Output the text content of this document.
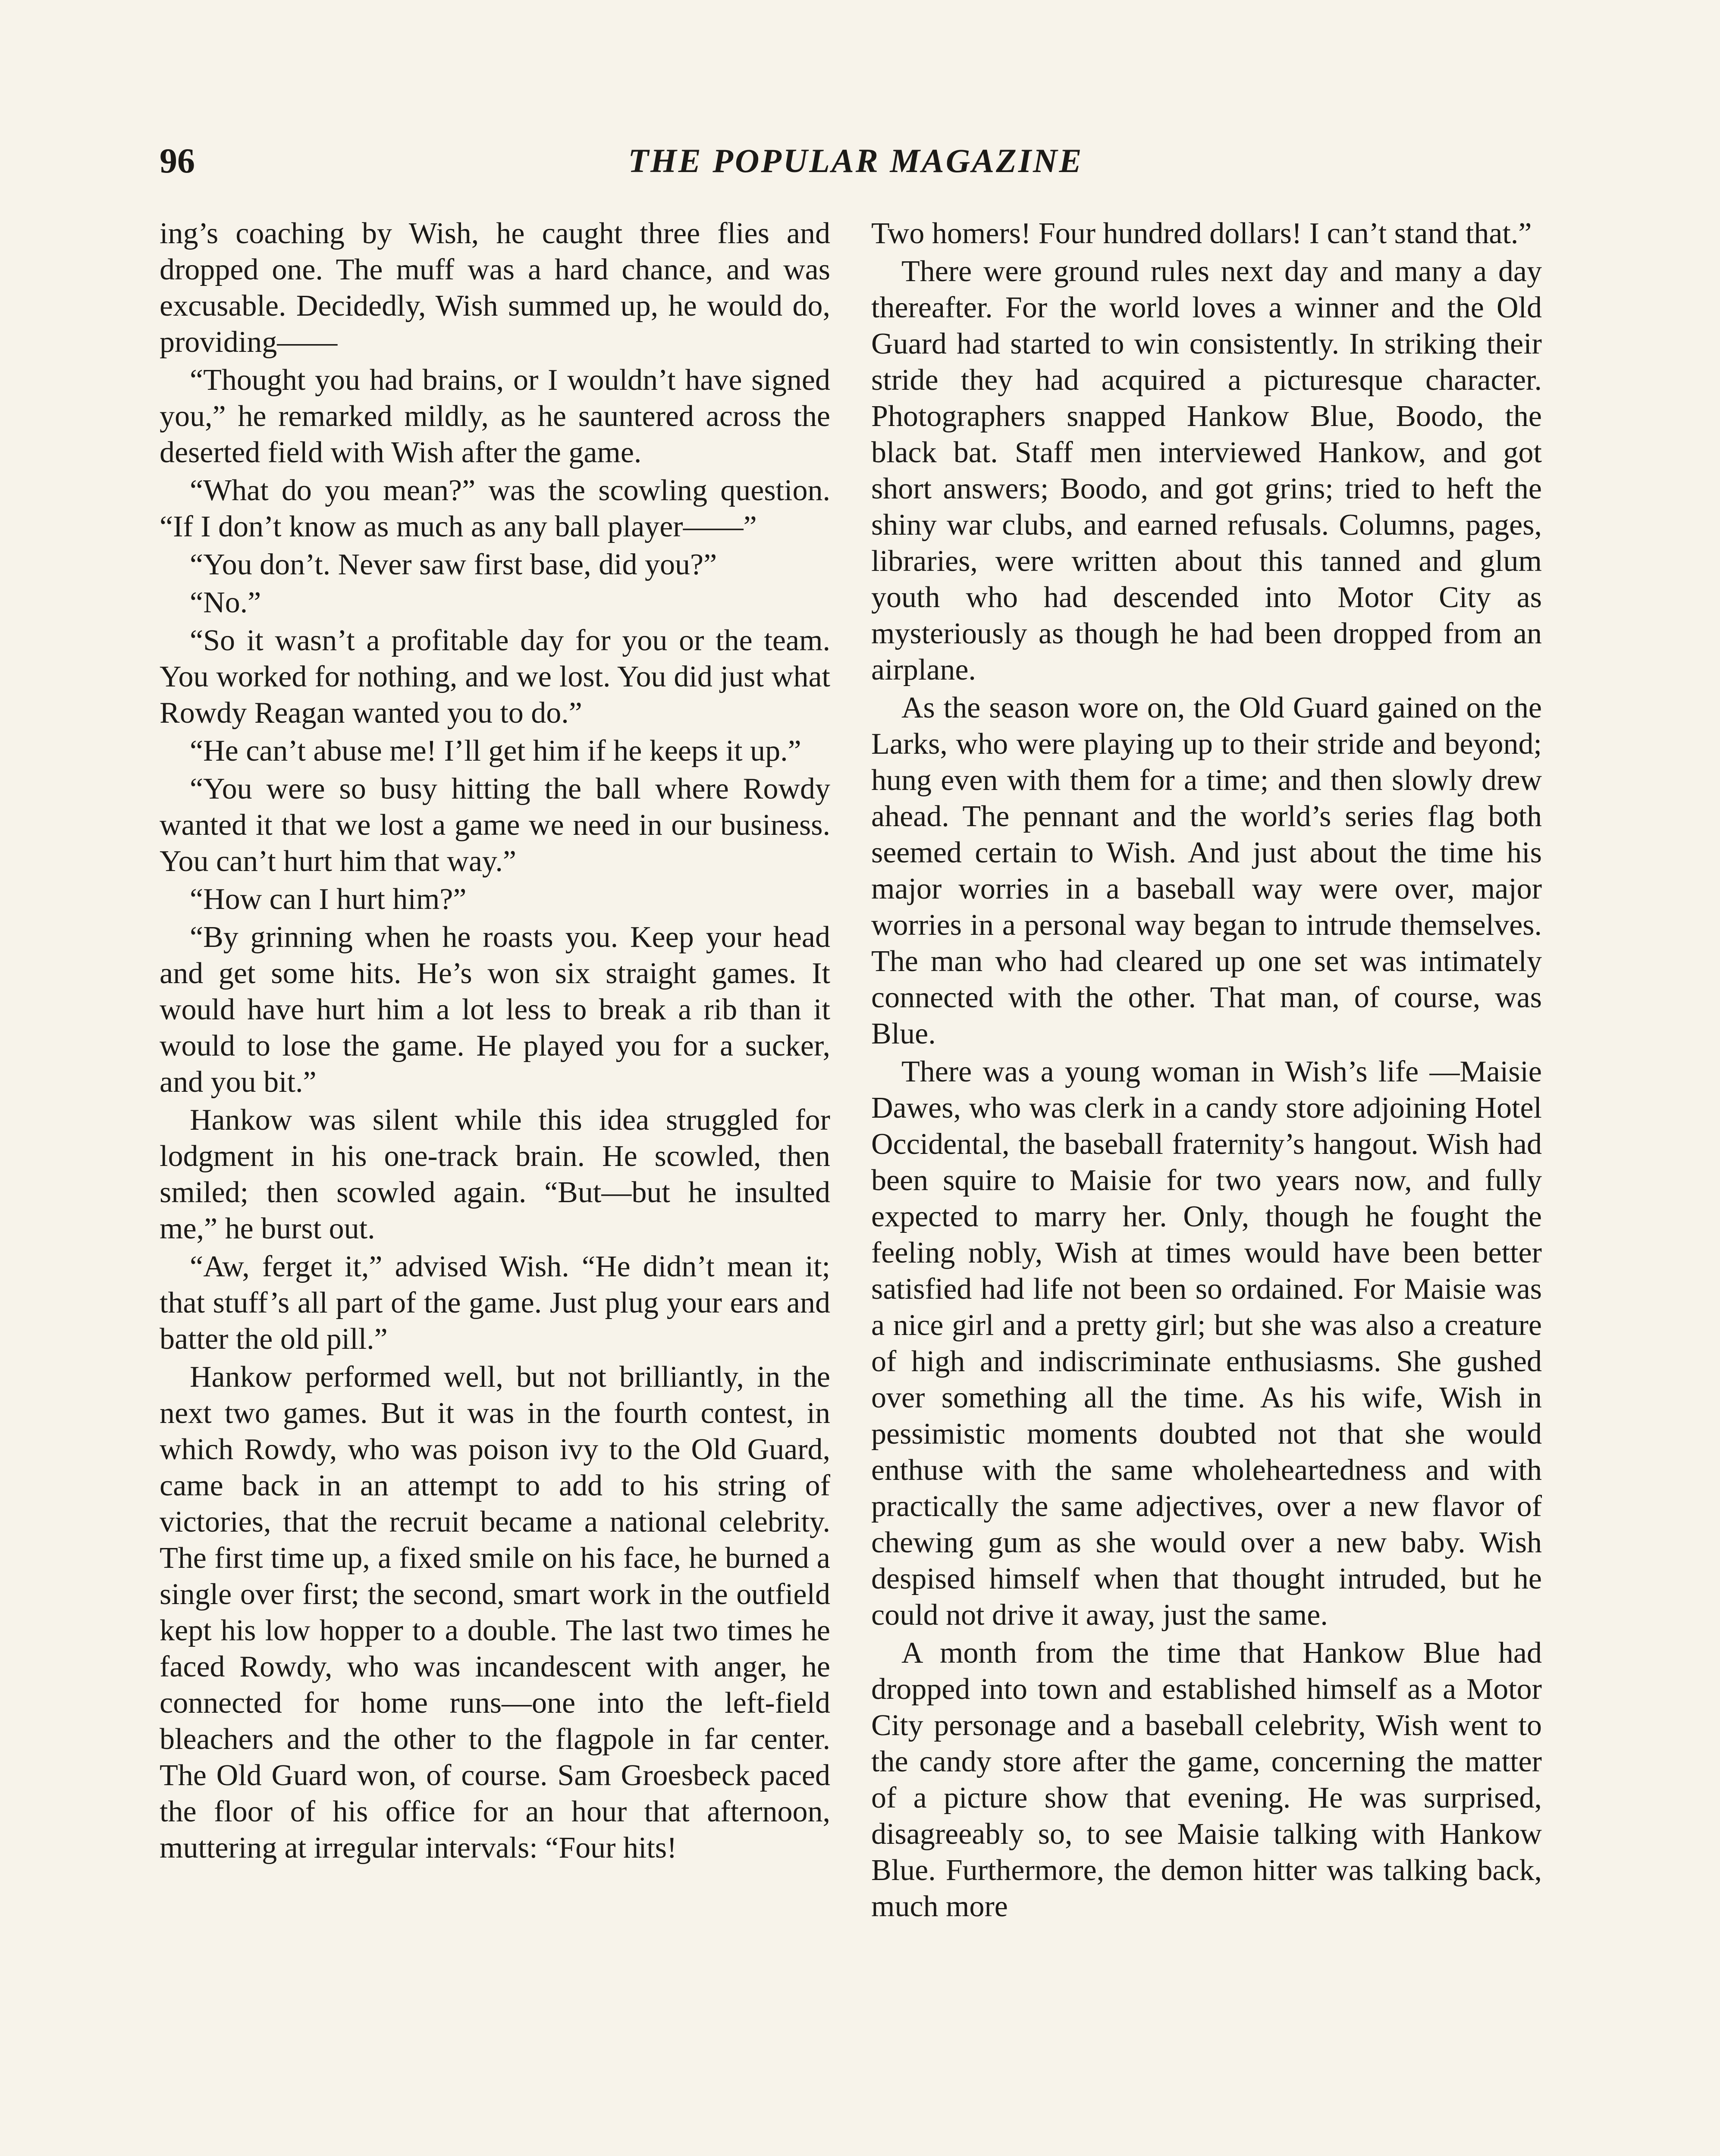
96	THE POPULAR MAGAZINE

ing’s coaching by Wish, he caught three flies and dropped one. The muff was a hard chance, and was excusable. Decidedly, Wish summed up, he would do, providing——

“Thought you had brains, or I wouldn’t have signed you,” he remarked mildly, as he sauntered across the deserted field with Wish after the game.

“What do you mean?” was the scowling question. “If I don’t know as much as any ball player——”

“You don’t. Never saw first base, did you?”

“No.”

“So it wasn’t a profitable day for you or the team. You worked for nothing, and we lost. You did just what Rowdy Reagan wanted you to do.”

“He can’t abuse me! I’ll get him if he keeps it up.”

“You were so busy hitting the ball where Rowdy wanted it that we lost a game we need in our business. You can’t hurt him that way.”

“How can I hurt him?”

“By grinning when he roasts you. Keep your head and get some hits. He’s won six straight games. It would have hurt him a lot less to break a rib than it would to lose the game. He played you for a sucker, and you bit.”

Hankow was silent while this idea struggled for lodgment in his one-track brain. He scowled, then smiled; then scowled again. “But—but he insulted me,” he burst out.

“Aw, ferget it,” advised Wish. “He didn’t mean it; that stuff’s all part of the game. Just plug your ears and batter the old pill.”

Hankow performed well, but not brilliantly, in the next two games. But it was in the fourth contest, in which Rowdy, who was poison ivy to the Old Guard, came back in an attempt to add to his string of victories, that the recruit became a national celebrity. The first time up, a fixed smile on his face, he burned a single over first; the second, smart work in the outfield kept his low hopper to a double. The last two times he faced Rowdy, who was incandescent with anger, he connected for home runs—one into the left-field bleachers and the other to the flagpole in far center. The Old Guard won, of course. Sam Groesbeck paced the floor of his office for an hour that afternoon, muttering at irregular intervals: “Four hits!

Two homers! Four hundred dollars! I can’t stand that.”

There were ground rules next day and many a day thereafter. For the world loves a winner and the Old Guard had started to win consistently. In striking their stride they had acquired a picturesque character. Photographers snapped Hankow Blue, Boodo, the black bat. Staff men interviewed Hankow, and got short answers; Boodo, and got grins; tried to heft the shiny war clubs, and earned refusals. Columns, pages, libraries, were written about this tanned and glum youth who had descended into Motor City as mysteriously as though he had been dropped from an airplane.

As the season wore on, the Old Guard gained on the Larks, who were playing up to their stride and beyond; hung even with them for a time; and then slowly drew ahead. The pennant and the world’s series flag both seemed certain to Wish. And just about the time his major worries in a baseball way were over, major worries in a personal way began to intrude themselves. The man who had cleared up one set was intimately connected with the other. That man, of course, was Blue.

There was a young woman in Wish’s life —Maisie Dawes, who was clerk in a candy store adjoining Hotel Occidental, the baseball fraternity’s hangout. Wish had been squire to Maisie for two years now, and fully expected to marry her. Only, though he fought the feeling nobly, Wish at times would have been better satisfied had life not been so ordained. For Maisie was a nice girl and a pretty girl; but she was also a creature of high and indiscriminate enthusiasms. She gushed over something all the time. As his wife, Wish in pessimistic moments doubted not that she would enthuse with the same wholeheartedness and with practically the same adjectives, over a new flavor of chewing gum as she would over a new baby. Wish despised himself when that thought intruded, but he could not drive it away, just the same.

A month from the time that Hankow Blue had dropped into town and established himself as a Motor City personage and a baseball celebrity, Wish went to the candy store after the game, concerning the matter of a picture show that evening. He was surprised, disagreeably so, to see Maisie talking with Hankow Blue. Furthermore, the demon hitter was talking back, much more
